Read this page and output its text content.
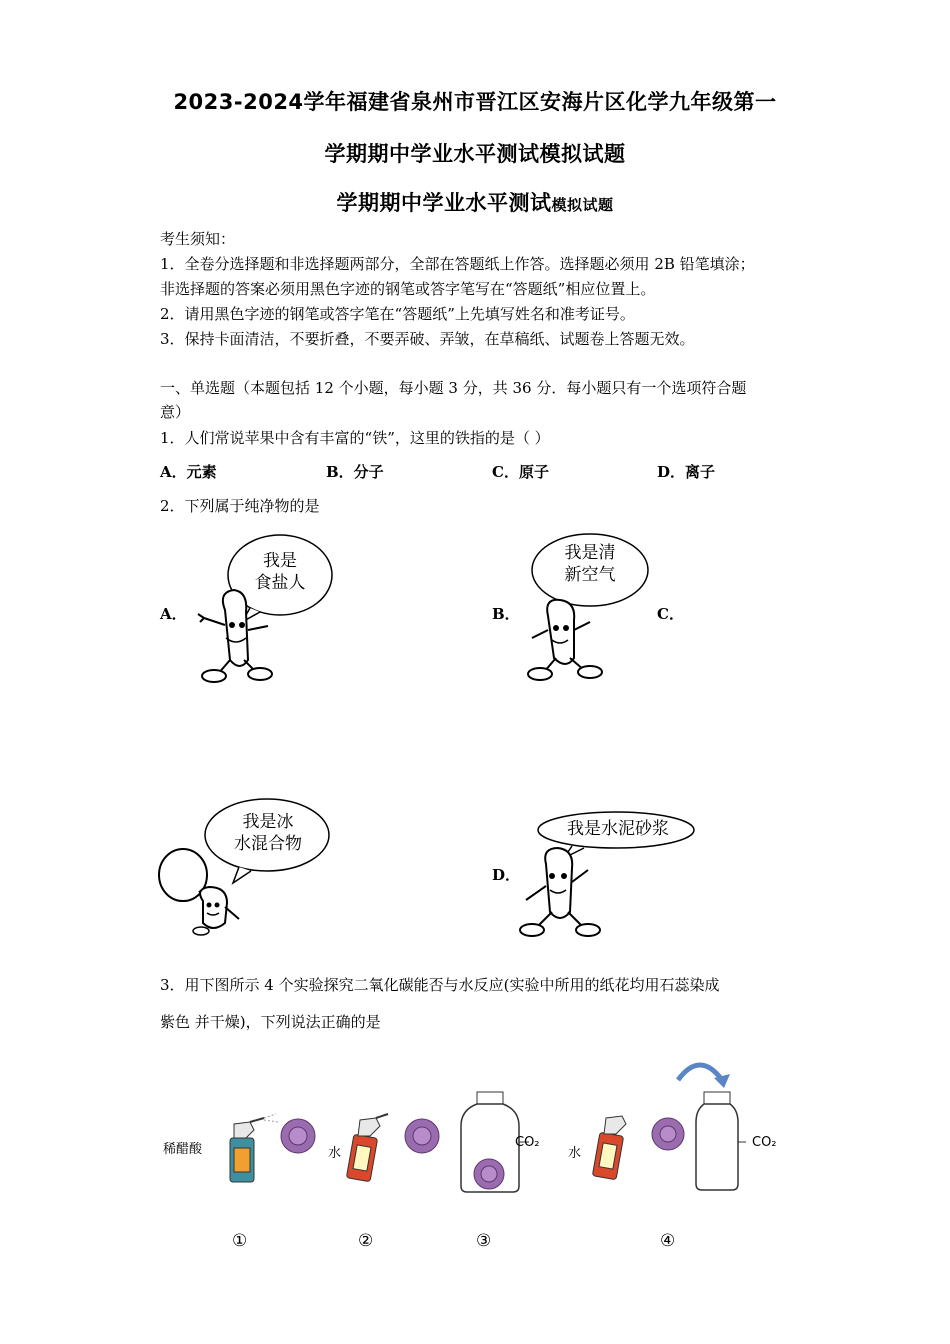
2023-2024学年福建省泉州市晋江区安海片区化学九年级第一
学期期中学业水平测试模拟试题
学期期中学业水平测试模拟试题
考生须知：
1．全卷分选择题和非选择题两部分，全部在答题纸上作答。选择题必须用 2B 铅笔填涂；
非选择题的答案必须用黑色字迹的钢笔或答字笔写在“答题纸”相应位置上。
2．请用黑色字迹的钢笔或答字笔在“答题纸”上先填写姓名和准考证号。
3．保持卡面清洁，不要折叠，不要弄破、弄皱，在草稿纸、试题卷上答题无效。
一、单选题（本题包括 12 个小题，每小题 3 分，共 36 分．每小题只有一个选项符合题
意）
1．人们常说苹果中含有丰富的“铁”，这里的铁指的是（ ）
A．元素	B．分子	C．原子	D．离子
2．下列属于纯净物的是
A．	B．	C．
D．
我是
食盐人
我是清
新空气
我是冰
水混合物
我是水泥砂浆
3．用下图所示 4 个实验探究二氧化碳能否与水反应(实验中所用的纸花均用石蕊染成
紫色 并干燥)，下列说法正确的是
稀醋酸	水
CO₂
水
CO₂
①	②	③	④
